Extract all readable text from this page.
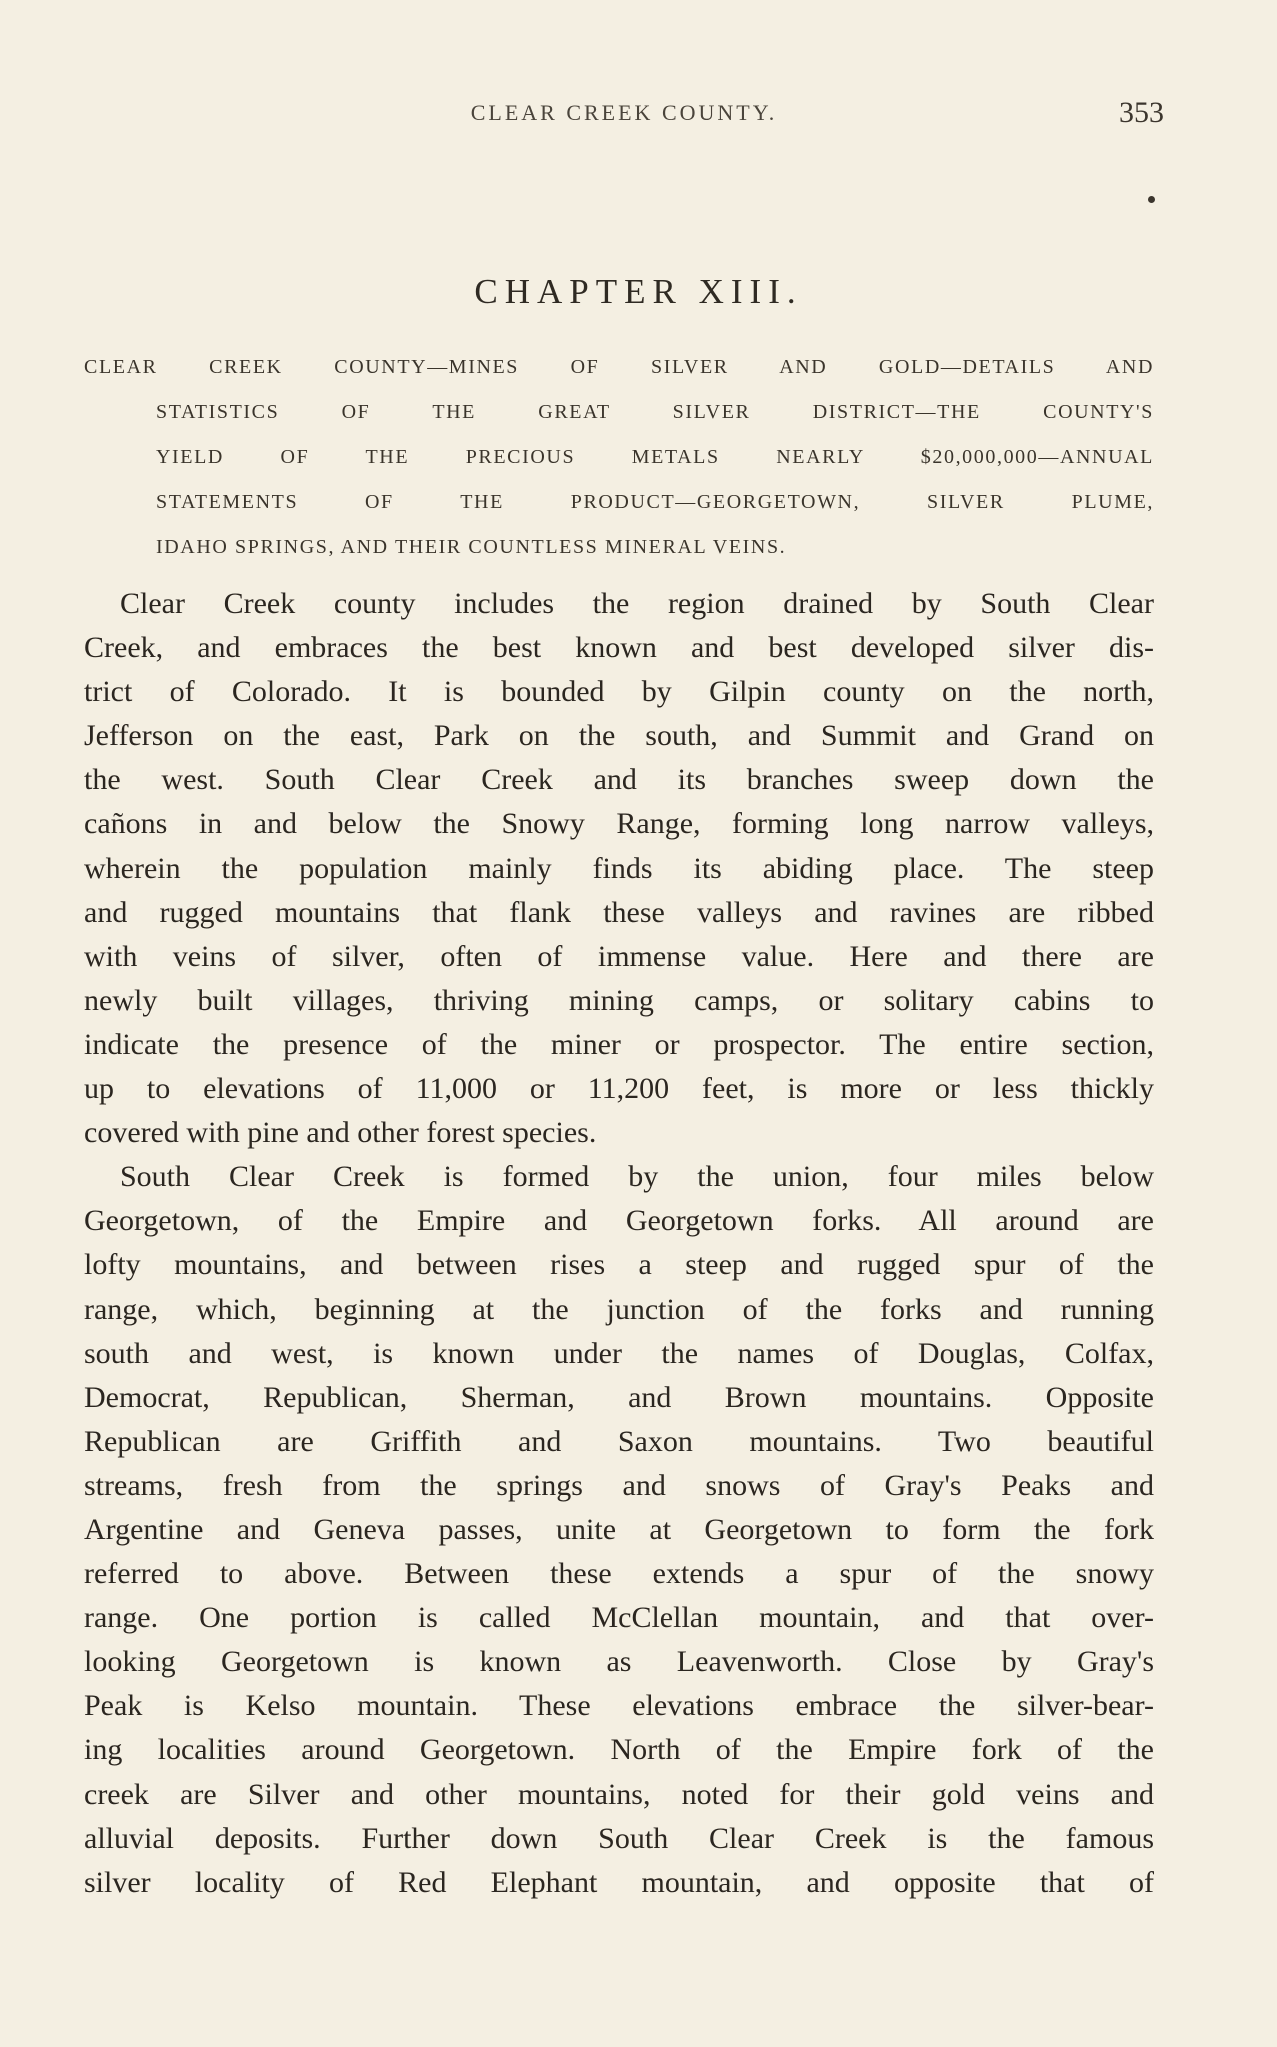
CLEAR CREEK COUNTY.	353
CHAPTER XIII.
CLEAR CREEK COUNTY—MINES OF SILVER AND GOLD—DETAILS AND
STATISTICS OF THE GREAT SILVER DISTRICT—THE COUNTY'S
YIELD OF THE PRECIOUS METALS NEARLY $20,000,000—ANNUAL
STATEMENTS OF THE PRODUCT—GEORGETOWN, SILVER PLUME,
IDAHO SPRINGS, AND THEIR COUNTLESS MINERAL VEINS.
Clear Creek county includes the region drained by South Clear
Creek, and embraces the best known and best developed silver dis-
trict of Colorado. It is bounded by Gilpin county on the north,
Jefferson on the east, Park on the south, and Summit and Grand on
the west. South Clear Creek and its branches sweep down the
cañons in and below the Snowy Range, forming long narrow valleys,
wherein the population mainly finds its abiding place. The steep
and rugged mountains that flank these valleys and ravines are ribbed
with veins of silver, often of immense value. Here and there are
newly built villages, thriving mining camps, or solitary cabins to
indicate the presence of the miner or prospector. The entire section,
up to elevations of 11,000 or 11,200 feet, is more or less thickly
covered with pine and other forest species.
South Clear Creek is formed by the union, four miles below
Georgetown, of the Empire and Georgetown forks. All around are
lofty mountains, and between rises a steep and rugged spur of the
range, which, beginning at the junction of the forks and running
south and west, is known under the names of Douglas, Colfax,
Democrat, Republican, Sherman, and Brown mountains. Opposite
Republican are Griffith and Saxon mountains. Two beautiful
streams, fresh from the springs and snows of Gray's Peaks and
Argentine and Geneva passes, unite at Georgetown to form the fork
referred to above. Between these extends a spur of the snowy
range. One portion is called McClellan mountain, and that over-
looking Georgetown is known as Leavenworth. Close by Gray's
Peak is Kelso mountain. These elevations embrace the silver-bear-
ing localities around Georgetown. North of the Empire fork of the
creek are Silver and other mountains, noted for their gold veins and
alluvial deposits. Further down South Clear Creek is the famous
silver locality of Red Elephant mountain, and opposite that of
